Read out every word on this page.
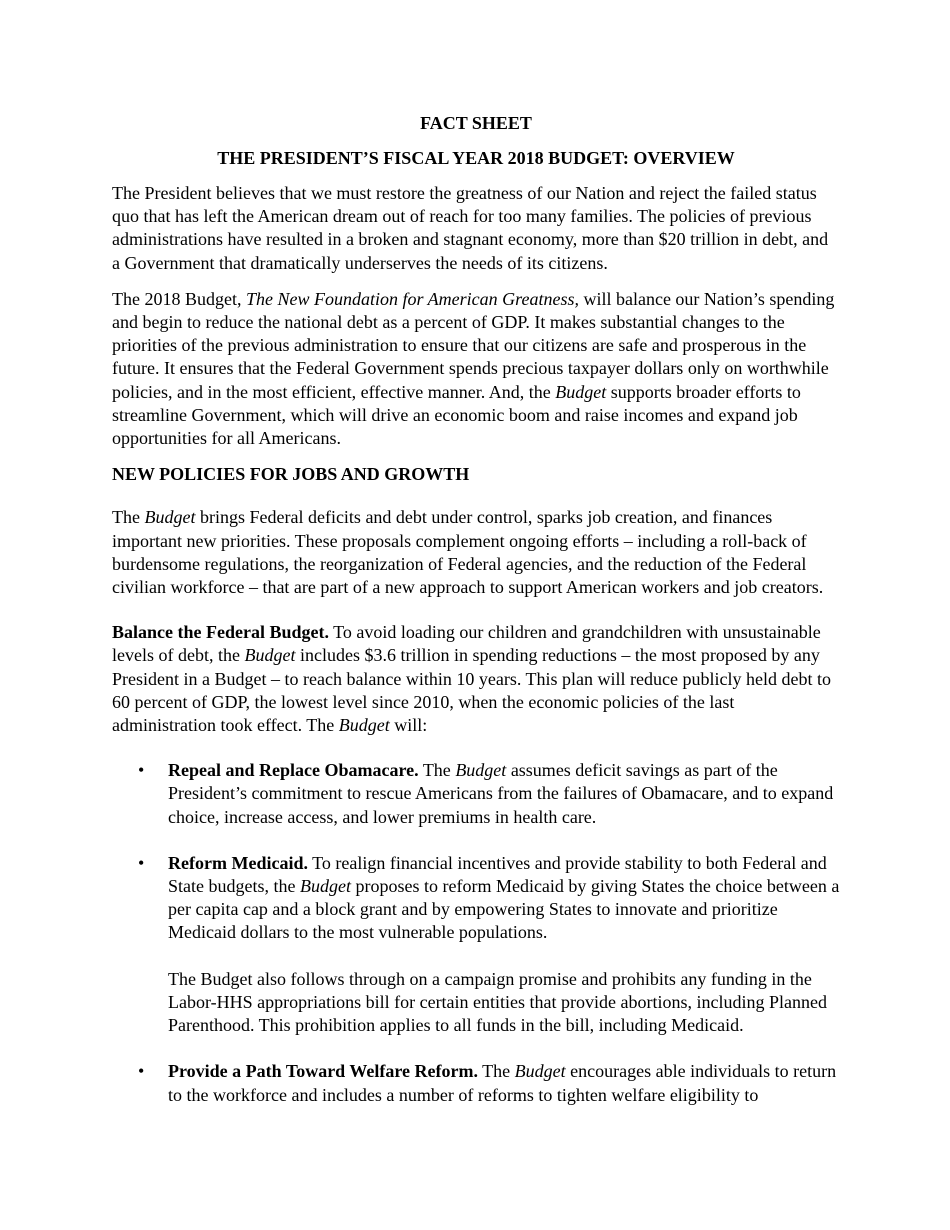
FACT SHEET
THE PRESIDENT’S FISCAL YEAR 2018 BUDGET: OVERVIEW

The President believes that we must restore the greatness of our Nation and reject the failed status quo that has left the American dream out of reach for too many families. The policies of previous administrations have resulted in a broken and stagnant economy, more than $20 trillion in debt, and a Government that dramatically underserves the needs of its citizens.

The 2018 Budget, The New Foundation for American Greatness, will balance our Nation’s spending and begin to reduce the national debt as a percent of GDP. It makes substantial changes to the priorities of the previous administration to ensure that our citizens are safe and prosperous in the future. It ensures that the Federal Government spends precious taxpayer dollars only on worthwhile policies, and in the most efficient, effective manner. And, the Budget supports broader efforts to streamline Government, which will drive an economic boom and raise incomes and expand job opportunities for all Americans.

NEW POLICIES FOR JOBS AND GROWTH

The Budget brings Federal deficits and debt under control, sparks job creation, and finances important new priorities. These proposals complement ongoing efforts – including a roll-back of burdensome regulations, the reorganization of Federal agencies, and the reduction of the Federal civilian workforce – that are part of a new approach to support American workers and job creators.

Balance the Federal Budget. To avoid loading our children and grandchildren with unsustainable levels of debt, the Budget includes $3.6 trillion in spending reductions – the most proposed by any President in a Budget – to reach balance within 10 years. This plan will reduce publicly held debt to 60 percent of GDP, the lowest level since 2010, when the economic policies of the last administration took effect. The Budget will:

• Repeal and Replace Obamacare. The Budget assumes deficit savings as part of the President’s commitment to rescue Americans from the failures of Obamacare, and to expand choice, increase access, and lower premiums in health care.
• Reform Medicaid. To realign financial incentives and provide stability to both Federal and State budgets, the Budget proposes to reform Medicaid by giving States the choice between a per capita cap and a block grant and by empowering States to innovate and prioritize Medicaid dollars to the most vulnerable populations.
The Budget also follows through on a campaign promise and prohibits any funding in the Labor-HHS appropriations bill for certain entities that provide abortions, including Planned Parenthood. This prohibition applies to all funds in the bill, including Medicaid.
• Provide a Path Toward Welfare Reform. The Budget encourages able individuals to return to the workforce and includes a number of reforms to tighten welfare eligibility to
